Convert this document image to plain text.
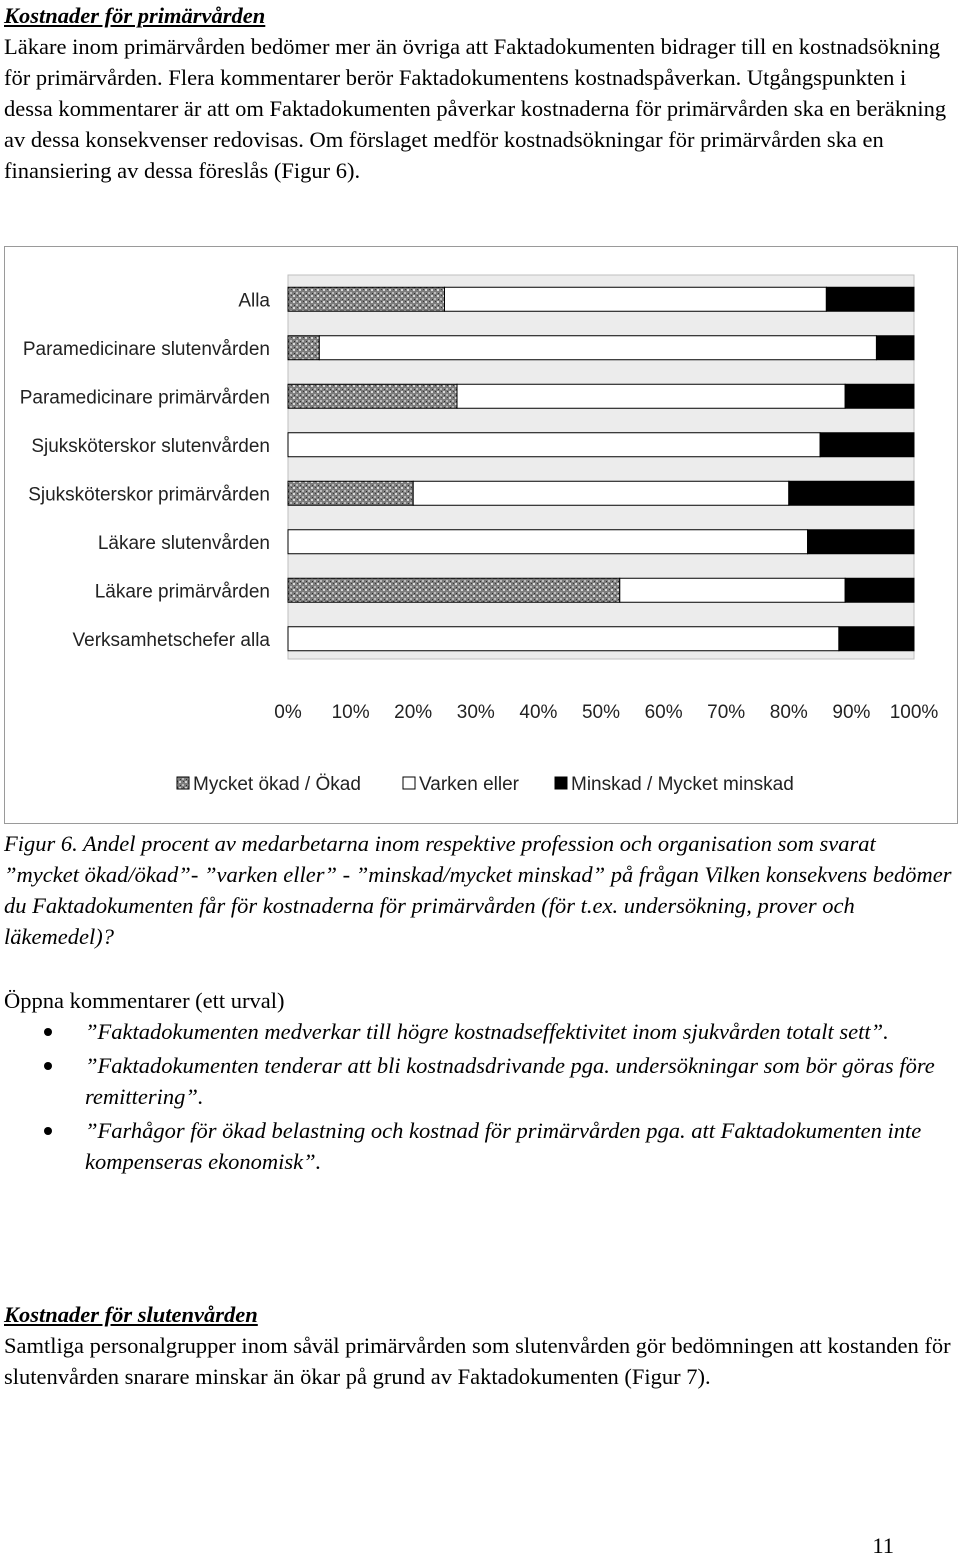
Kostnader för primärvården
Läkare inom primärvården bedömer mer än övriga att Faktadokumenten bidrager till en kostnadsökning för primärvården. Flera kommentarer berör Faktadokumentens kostnadspåverkan. Utgångspunkten i dessa kommentarer är att om Faktadokumenten påverkar kostnaderna för primärvården ska en beräkning av dessa konsekvenser redovisas. Om förslaget medför kostnadsökningar för primärvården ska en finansiering av dessa föreslås (Figur 6).
Alla
Paramedicinare slutenvården
Paramedicinare primärvården
Sjuksköterskor slutenvården
Sjuksköterskor primärvården
Läkare slutenvården
Läkare primärvården
Verksamhetschefer alla
0% 10% 20% 30% 40% 50% 60% 70% 80% 90% 100%
Mycket ökad / Ökad	Varken eller	Minskad / Mycket minskad

Figur 6. Andel procent av medarbetarna inom respektive profession och organisation som svarat ”mycket ökad/ökad”- ”varken eller” - ”minskad/mycket minskad” på frågan Vilken konsekvens bedömer du Faktadokumenten får för kostnaderna för primärvården (för t.ex. undersökning, prover och läkemedel)?

Öppna kommentarer (ett urval)

”Faktadokumenten medverkar till högre kostnadseffektivitet inom sjukvården totalt sett”.
”Faktadokumenten tenderar att bli kostnadsdrivande pga. undersökningar som bör göras före remittering”.
”Farhågor för ökad belastning och kostnad för primärvården pga. att Faktadokumenten inte kompenseras ekonomisk”.
Kostnader för slutenvården
Samtliga personalgrupper inom såväl primärvården som slutenvården gör bedömningen att kostanden för slutenvården snarare minskar än ökar på grund av Faktadokumenten (Figur 7).
11
